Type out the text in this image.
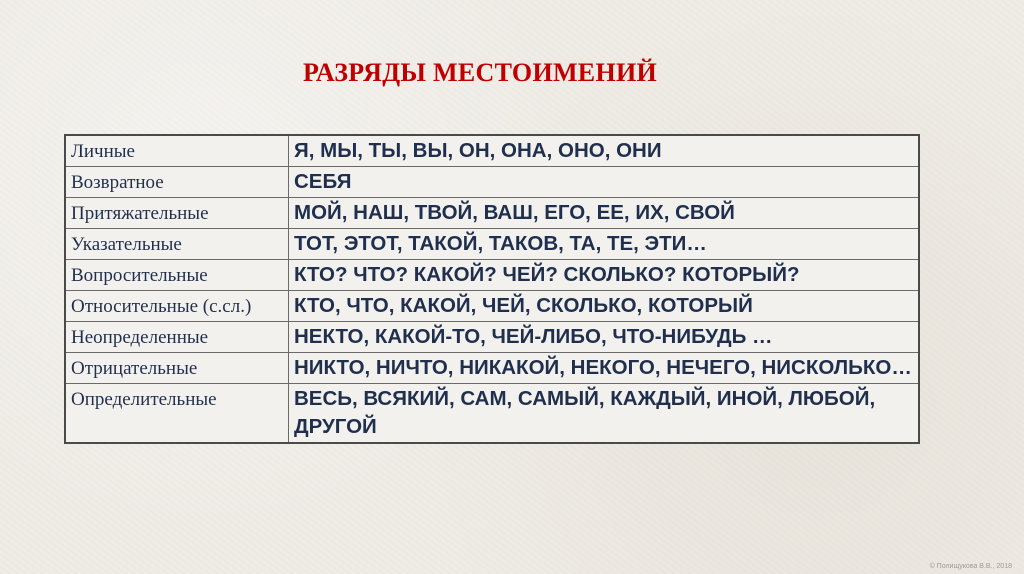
РАЗРЯДЫ МЕСТОИМЕНИЙ
Личные	Я, МЫ, ТЫ, ВЫ, ОН, ОНА, ОНО, ОНИ
Возвратное	СЕБЯ
Притяжательные	МОЙ, НАШ, ТВОЙ, ВАШ, ЕГО, ЕЕ, ИХ, СВОЙ
Указательные	ТОТ, ЭТОТ, ТАКОЙ, ТАКОВ, ТА, ТЕ, ЭТИ…
Вопросительные	КТО? ЧТО? КАКОЙ? ЧЕЙ? СКОЛЬКО? КОТОРЫЙ?
Относительные (с.сл.)	КТО, ЧТО, КАКОЙ, ЧЕЙ, СКОЛЬКО, КОТОРЫЙ
Неопределенные	НЕКТО, КАКОЙ-ТО, ЧЕЙ-ЛИБО, ЧТО-НИБУДЬ …
Отрицательные	НИКТО, НИЧТО, НИКАКОЙ, НЕКОГО, НЕЧЕГО, НИСКОЛЬКО…
Определительные	ВЕСЬ, ВСЯКИЙ, САМ, САМЫЙ, КАЖДЫЙ, ИНОЙ, ЛЮБОЙ, ДРУГОЙ
© Полищукова В.В., 2018
